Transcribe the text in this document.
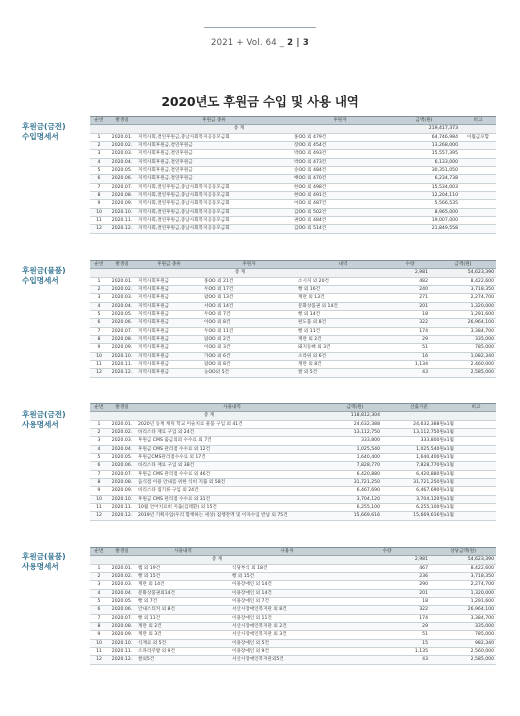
2021 + Vol. 64 _ 2 | 3
2020년도 후원금 수입 및 사용 내역
후원금(금전)
수입명세서
순번	발생일	후원금 종류	후원자	금액(원)	비고
총 계				219,417,373	
1	2020.01.	지역사회,결연후원금,충남사회복지공동모금회	홍OO 외 479건	64,746,984	이월금포함
2	2020.02.	지역사회후원금,결연후원금	장OO 외 454건	13,268,000	
3	2020.03.	지역사회후원금,결연후원금	박OO 외 493건	15,557,395	
4	2020.04.	지역사회후원금,결연후원금	박OO 외 473건	6,133,000	
5	2020.05.	지역사회후원금,결연후원금	송OO 외 484건	30,351,050	
6	2020.06.	지역사회후원금,결연후원금	배OO 외 470건	6,234,738	
7	2020.07.	지역사회,결연후원금,충남사회복지공동모금회	한OO 외 498건	15,534,003	
8	2020.08.	지역사회,결연후원금,충남사회복지공동모금회	현OO 외 491건	12,204,110	
9	2020.09.	지역사회,결연후원금,충남사회복지공동모금회	이OO 외 487건	5,566,535	
10	2020.10.	지역사회,결연후원금,충남사회복지공동모금회	김OO 외 502건	8,965,000	
11	2020.11.	지역사회,결연후원금,충남사회복지공동모금회	권OO 외 484건	19,007,000	
12	2020.12.	지역사회,결연후원금,충남사회복지공동모금회	김OO 외 514건	21,849,558	
후원금(물품)
수입명세서
순번	발생일	후원금 종류	후원자	내역	수량	금액(원)
총 계					2,981	54,623,390
1	2020.01.	지역사회후원금	홍OO 외 21건	소시지 외 20건	482	8,422,600
2	2020.02.	지역사회후원금	두OO 외 17건	빵 외 16건	240	3,718,350
3	2020.03.	지역사회후원금	팜OO 외 13건	계란 외 13건	271	2,274,700
4	2020.04.	지역사회후원금	서OO 외 14건	문화상품권 외 14건	201	1,320,000
5	2020.05.	지역사회후원금	두OO 외 7건	빵 외 14건	18	1,291,600
6	2020.06.	지역사회후원금	이OO 외 8건	편도품 외 8건	322	26,964,100
7	2020.07.	지역사회후원금	두OO 외 11건	빵 외 11건	174	3,384,700
8	2020.08.	지역사회후원금	팜OO 외 2건	계란 외 2건	29	335,000
9	2020.09.	지역사회후원금	이OO 외 3건	돼지등뼈 외 3건	51	785,000
10	2020.10.	지역사회후원금	가OO 외 6건	소라위 외 6건	16	1,082,340
11	2020.11.	지역사회후원금	팜OO 외 8건	계란 외 8건	1,134	2,460,000
12	2020.12.	지역사회후원금	농OO외 5건	쌀 외 5건	43	2,585,000
후원금(금전)
사용명세서
순번	발생일	사용내역	금액(원)	산출기준	비고
총 계			118,812,304		
1	2020.01.	2020년 동계 캐릭 학교 미술치료 물품 구입 외 41건	24,632,388	24,632,388원x1월	
2	2020.02.	바리스타 재료 구입 외 24건	13,112,750	13,112,750원x1월	
3	2020.03.	후원금 CMS 출금의뢰 수수료 외 7건	333,800	333,800원x1월	
4	2020.04.	후원금 CMS 관리점 수수료 외 12건	1,025,540	1,025,540원x1월	
5	2020.05.	후원금CMS관리점수수료 외 17건	1,640,400	1,640,400원x1월	
6	2020.06.	바리스타 재료 구입 외 38건	7,828,770	7,828,770원x1월	
7	2020.07.	후원금 CMS 관리점 수수료 외 46건	6,420,880	6,420,880원x1월	
8	2020.08.	음식점 이용 안내를 위한 식비 지출 외 58건	31,721,250	31,721,250원x1월	
9	2020.09.	바리스타 집기류 구입 외 24건	6,467,690	6,467,690원x1월	
10	2020.10.	후원금 CMS 관리점 수수료 외 31건	3,704,120	3,704,120원x1월	
11	2020.11.	10월 언어치료비 지출(김태환) 외 15건	6,255,100	6,255,100원x1월	
12	2020.12.	2019년 기획사업(우리 함께하는 세상) 집행잔액 및 이자수입 반납 외 75건	15,669,616	15,669,616원x1월	
후원금(물품)
사용명세서
순번	발생일	사용내역	사용처	수량	상당금액(원)
총 계				2,981	54,623,390
1	2020.01.	햄 외 19건	식당부식 외 18건	467	8,422,600
2	2020.02.	빵 외 15건	빵 외 15건	236	3,718,350
3	2020.03.	계란 외 14건	이용장애인 외 14건	290	2,274,700
4	2020.04.	문화상품권외14건	이용장애인 외 14건	201	1,320,000
5	2020.05.	빵 외 7건	이용장애인 외 7건	18	1,291,600
6	2020.06.	안내스티커 외 8건	서산시장애인복지관 외 8건	322	26,964,100
7	2020.07.	빵 외 11건	이용장애인 외 11건	174	3,384,700
8	2020.08.	계란 외 2건	서산시장애인복지관 외 2건	29	335,000
9	2020.09.	계란 외 3건	서산시장애인복지관 외 3건	51	785,000
10	2020.10.	식재료 외 5건	이용장애인 외 5건	15	982,340
11	2020.11.	소파리쿠밥 외 9건	이용장애인 외 9건	1,135	2,560,000
12	2020.12.	쌀외5건	서산시장애인복지관외5건	43	2,585,000
